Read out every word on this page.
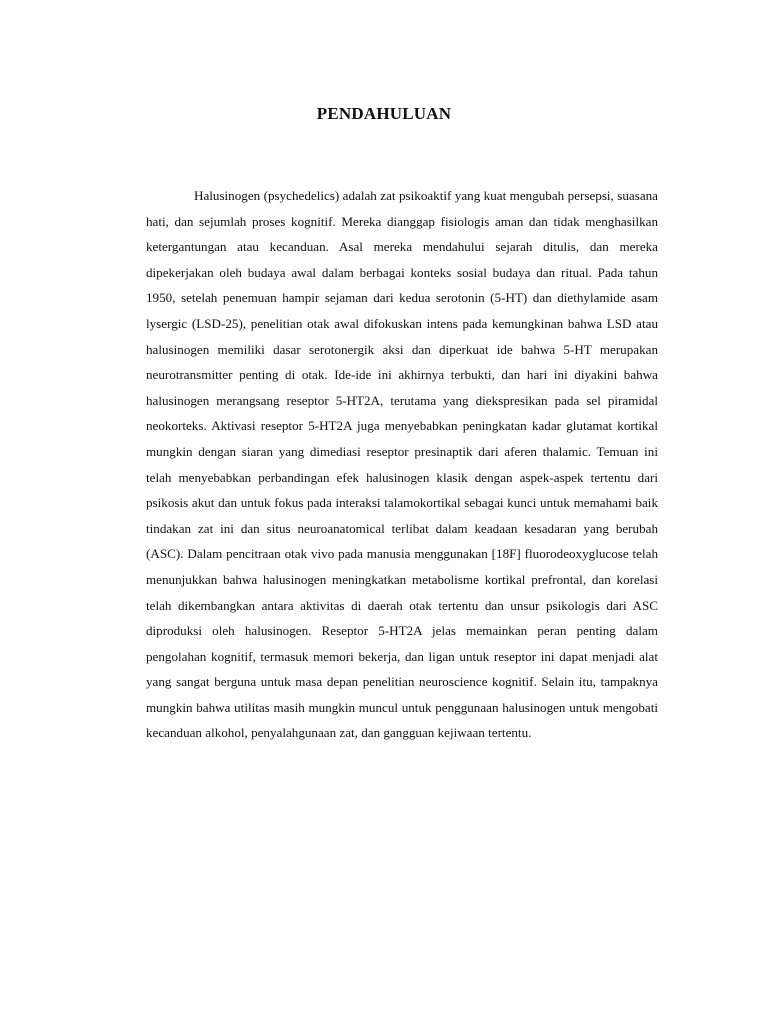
PENDAHULUAN

Halusinogen (psychedelics) adalah zat psikoaktif yang kuat mengubah persepsi, suasana hati, dan sejumlah proses kognitif. Mereka dianggap fisiologis aman dan tidak menghasilkan ketergantungan atau kecanduan. Asal mereka mendahului sejarah ditulis, dan mereka dipekerjakan oleh budaya awal dalam berbagai konteks sosial budaya dan ritual. Pada tahun 1950, setelah penemuan hampir sejaman dari kedua serotonin (5-HT) dan diethylamide asam lysergic (LSD-25), penelitian otak awal difokuskan intens pada kemungkinan bahwa LSD atau halusinogen memiliki dasar serotonergik aksi dan diperkuat ide bahwa 5-HT merupakan neurotransmitter penting di otak. Ide-ide ini akhirnya terbukti, dan hari ini diyakini bahwa halusinogen merangsang reseptor 5-HT2A, terutama yang diekspresikan pada sel piramidal neokorteks. Aktivasi reseptor 5-HT2A juga menyebabkan peningkatan kadar glutamat kortikal mungkin dengan siaran yang dimediasi reseptor presinaptik dari aferen thalamic. Temuan ini telah menyebabkan perbandingan efek halusinogen klasik dengan aspek-aspek tertentu dari psikosis akut dan untuk fokus pada interaksi talamokortikal sebagai kunci untuk memahami baik tindakan zat ini dan situs neuroanatomical terlibat dalam keadaan kesadaran yang berubah (ASC). Dalam pencitraan otak vivo pada manusia menggunakan [18F] fluorodeoxyglucose telah menunjukkan bahwa halusinogen meningkatkan metabolisme kortikal prefrontal, dan korelasi telah dikembangkan antara aktivitas di daerah otak tertentu dan unsur psikologis dari ASC diproduksi oleh halusinogen. Reseptor 5-HT2A jelas memainkan peran penting dalam pengolahan kognitif, termasuk memori bekerja, dan ligan untuk reseptor ini dapat menjadi alat yang sangat berguna untuk masa depan penelitian neuroscience kognitif. Selain itu, tampaknya mungkin bahwa utilitas masih mungkin muncul untuk penggunaan halusinogen untuk mengobati kecanduan alkohol, penyalahgunaan zat, dan gangguan kejiwaan tertentu.
